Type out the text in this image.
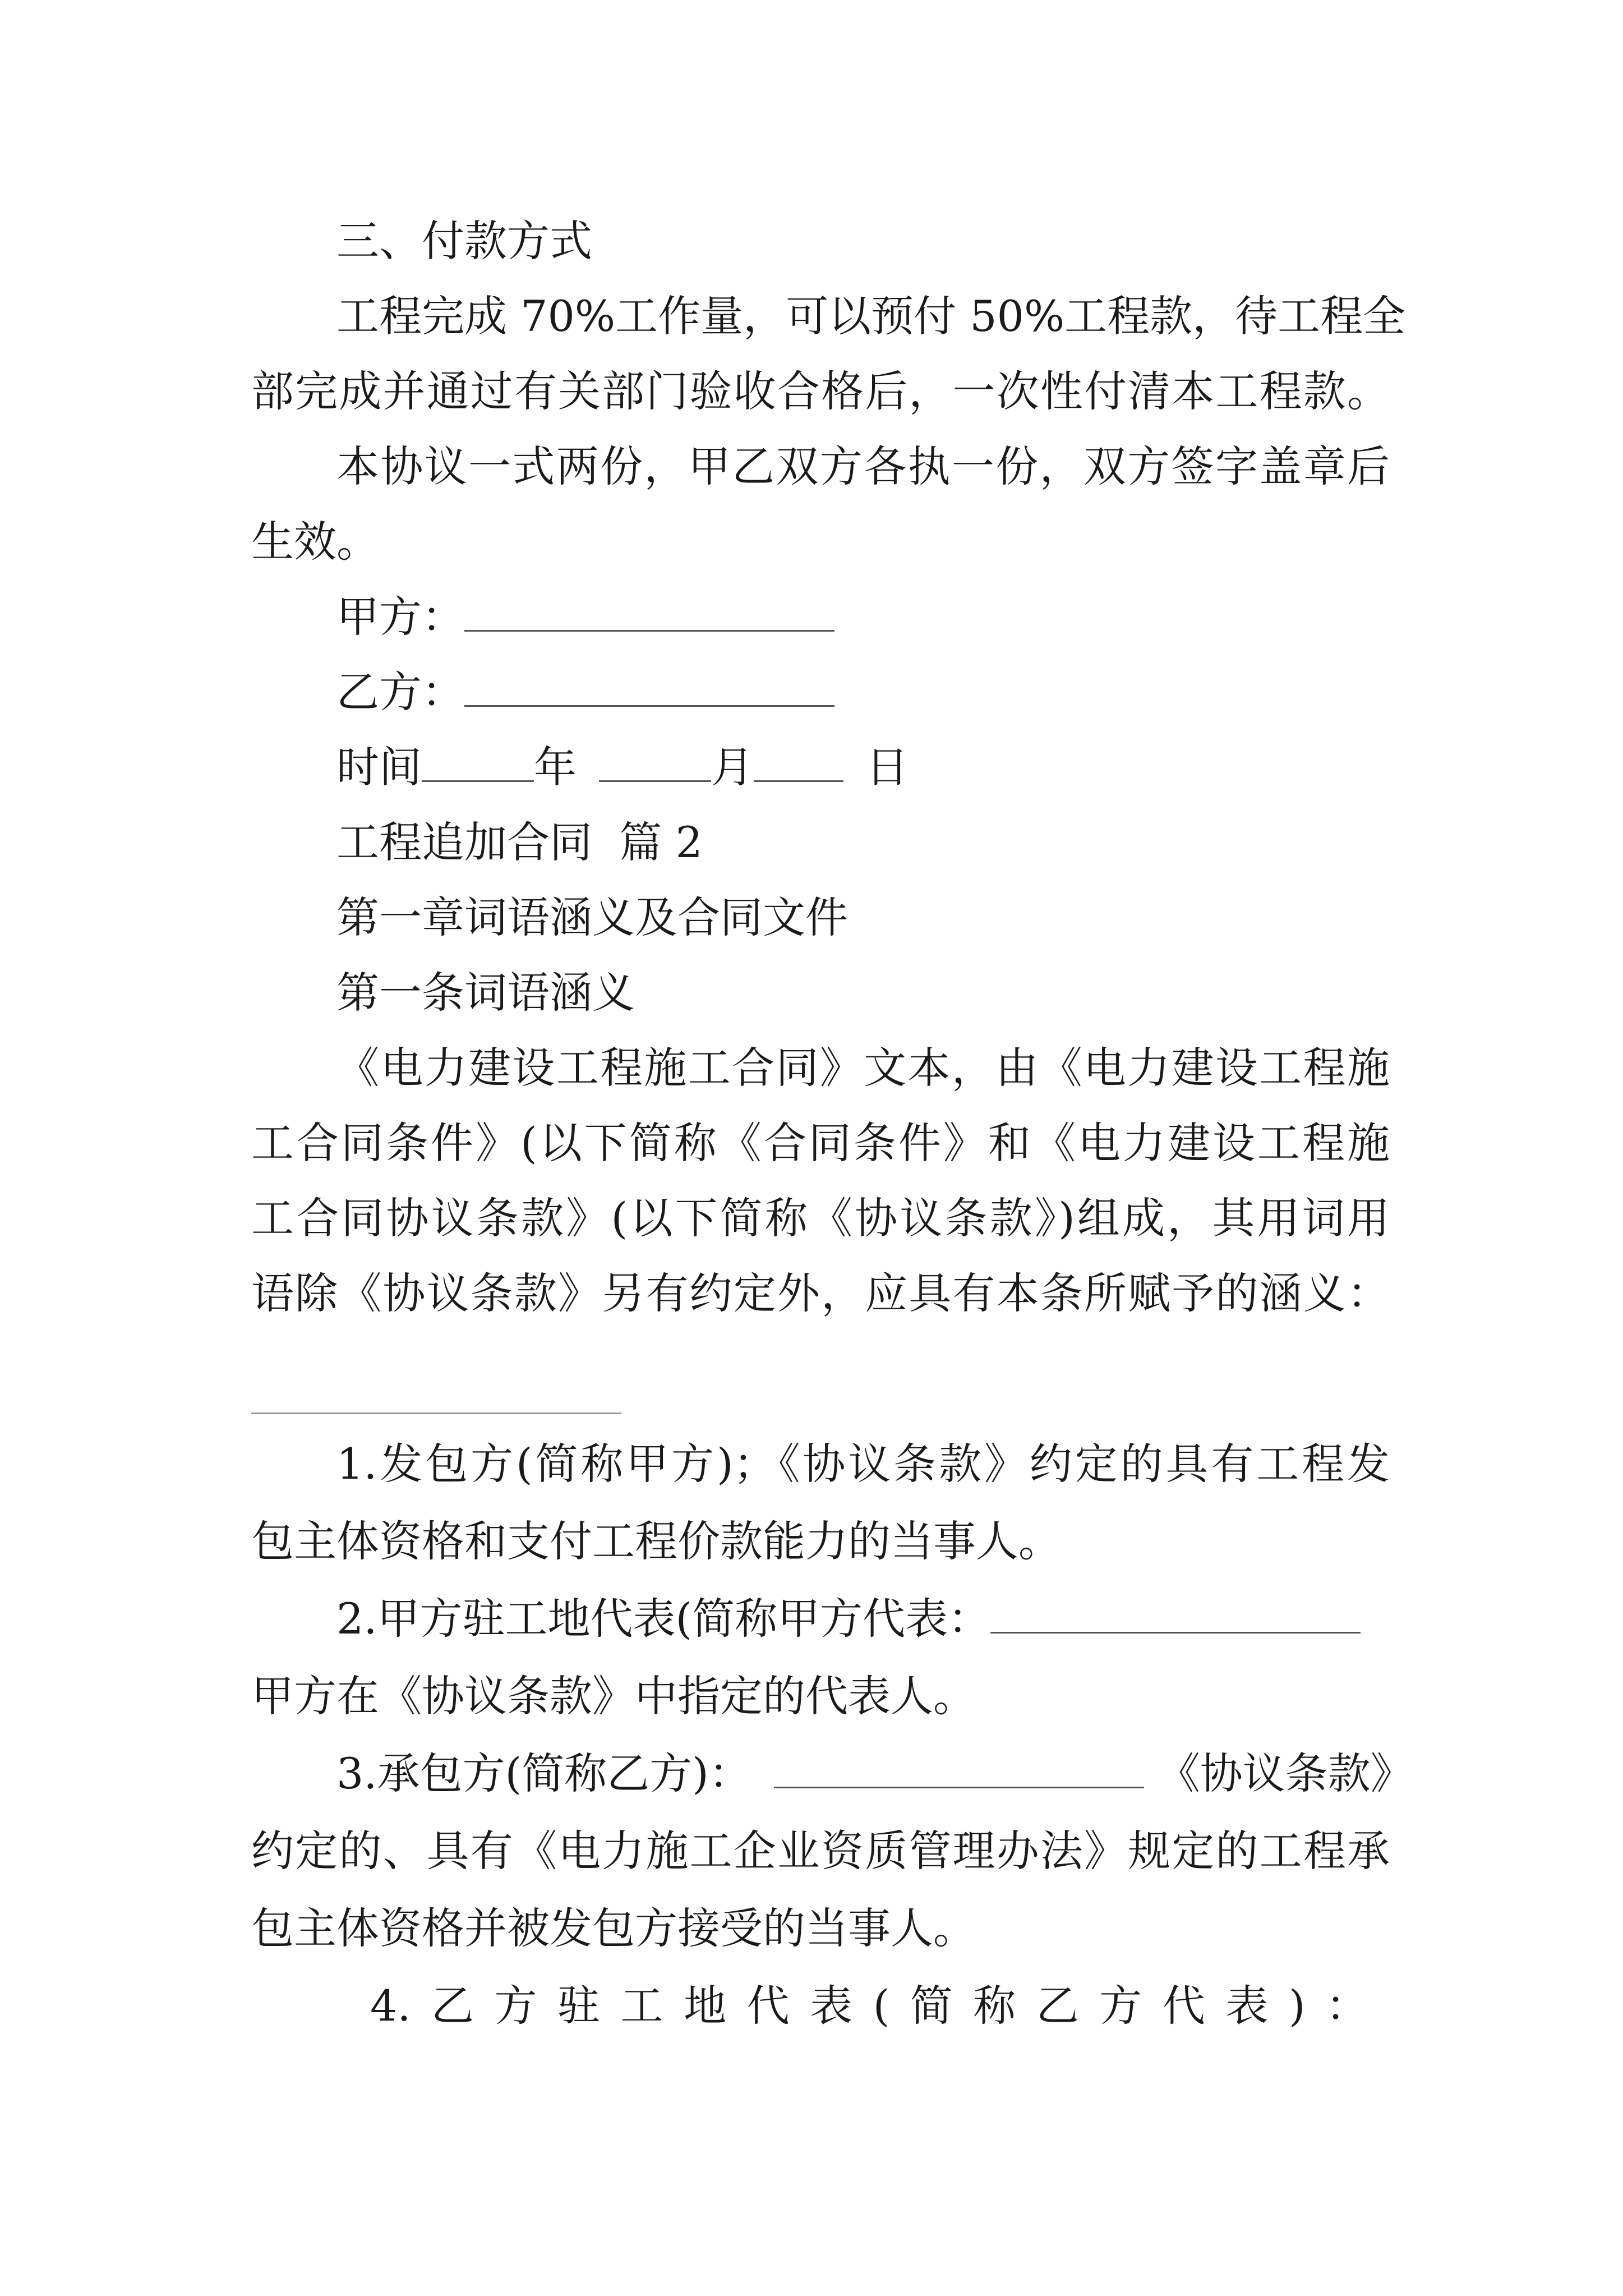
三、付款方式
工程完成 70%工作量，可以预付 50%工程款，待工程全
部完成并通过有关部门验收合格后，一次性付清本工程款。
本协议一式两份，甲乙双方各执一份，双方签字盖章后
生效。
甲方：
乙方：
时间	年	月	日
工程追加合同  篇 2
第一章词语涵义及合同文件
第一条词语涵义
《电力建设工程施工合同》文本，由《电力建设工程施
工合同条件》(以下简称《合同条件》和《电力建设工程施
工合同协议条款》(以下简称《协议条款》)组成，其用词用
语除《协议条款》另有约定外，应具有本条所赋予的涵义：
1.发包方(简称甲方)；《协议条款》约定的具有工程发
包主体资格和支付工程价款能力的当事人。
2.甲方驻工地代表(简称甲方代表：
甲方在《协议条款》中指定的代表人。
3.承包方(简称乙方)：	《协议条款》
约定的、具有《电力施工企业资质管理办法》规定的工程承
包主体资格并被发包方接受的当事人。
4.乙方驻工地代表(简称乙方代表)：
